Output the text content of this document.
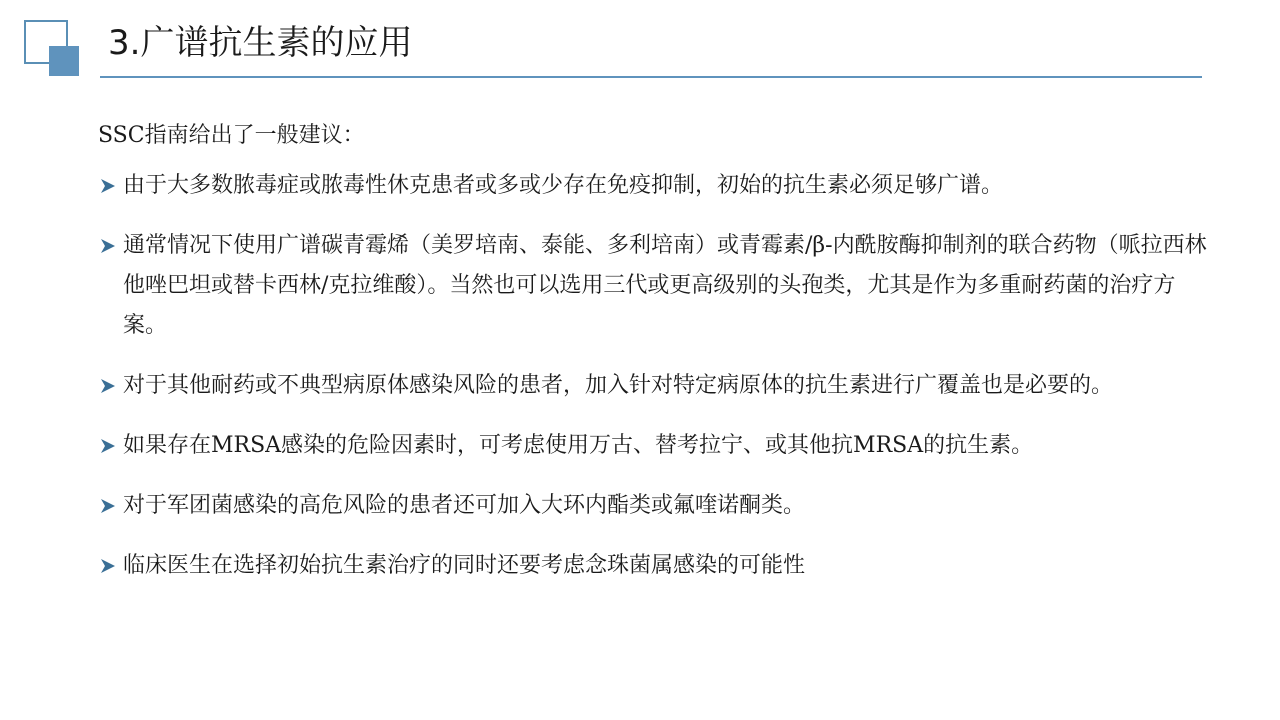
3.广谱抗生素的应用
SSC指南给出了一般建议：
由于大多数脓毒症或脓毒性休克患者或多或少存在免疫抑制，初始的抗生素必须足够广谱。
通常情况下使用广谱碳青霉烯（美罗培南、泰能、多利培南）或青霉素/β-内酰胺酶抑制剂的联合药物（哌拉西林他唑巴坦或替卡西林/克拉维酸）。当然也可以选用三代或更高级别的头孢类，尤其是作为多重耐药菌的治疗方案。
对于其他耐药或不典型病原体感染风险的患者，加入针对特定病原体的抗生素进行广覆盖也是必要的。
如果存在MRSA感染的危险因素时，可考虑使用万古、替考拉宁、或其他抗MRSA的抗生素。
对于军团菌感染的高危风险的患者还可加入大环内酯类或氟喹诺酮类。
临床医生在选择初始抗生素治疗的同时还要考虑念珠菌属感染的可能性
